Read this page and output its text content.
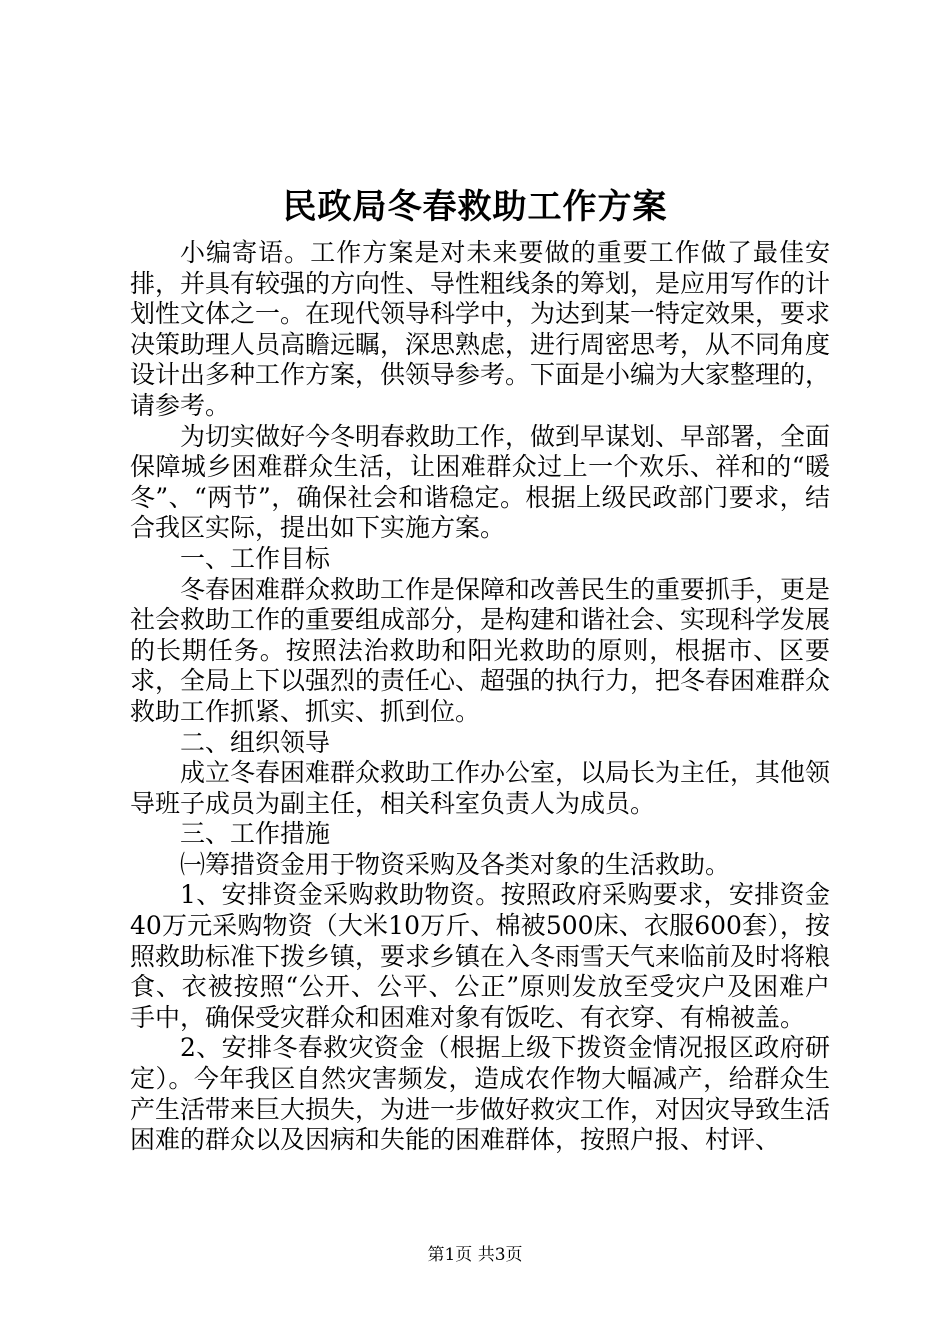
民政局冬春救助工作方案

小编寄语。工作方案是对未来要做的重要工作做了最佳安排，并具有较强的方向性、导性粗线条的筹划，是应用写作的计划性文体之一。在现代领导科学中，为达到某一特定效果，要求决策助理人员高瞻远瞩，深思熟虑，进行周密思考，从不同角度设计出多种工作方案，供领导参考。下面是小编为大家整理的，请参考。

为切实做好今冬明春救助工作，做到早谋划、早部署，全面保障城乡困难群众生活，让困难群众过上一个欢乐、祥和的“暖冬”、“两节”，确保社会和谐稳定。根据上级民政部门要求，结合我区实际，提出如下实施方案。

一、工作目标

冬春困难群众救助工作是保障和改善民生的重要抓手，更是社会救助工作的重要组成部分，是构建和谐社会、实现科学发展的长期任务。按照法治救助和阳光救助的原则，根据市、区要求，全局上下以强烈的责任心、超强的执行力，把冬春困难群众救助工作抓紧、抓实、抓到位。

二、组织领导

成立冬春困难群众救助工作办公室，以局长为主任，其他领导班子成员为副主任，相关科室负责人为成员。

三、工作措施

㈠筹措资金用于物资采购及各类对象的生活救助。

1、安排资金采购救助物资。按照政府采购要求，安排资金40万元采购物资（大米10万斤、棉被500床、衣服600套），按照救助标准下拨乡镇，要求乡镇在入冬雨雪天气来临前及时将粮食、衣被按照“公开、公平、公正”原则发放至受灾户及困难户手中，确保受灾群众和困难对象有饭吃、有衣穿、有棉被盖。

2、安排冬春救灾资金（根据上级下拨资金情况报区政府研定）。今年我区自然灾害频发，造成农作物大幅减产，给群众生产生活带来巨大损失，为进一步做好救灾工作，对因灾导致生活困难的群众以及因病和失能的困难群体，按照户报、村评、

第1页 共3页
